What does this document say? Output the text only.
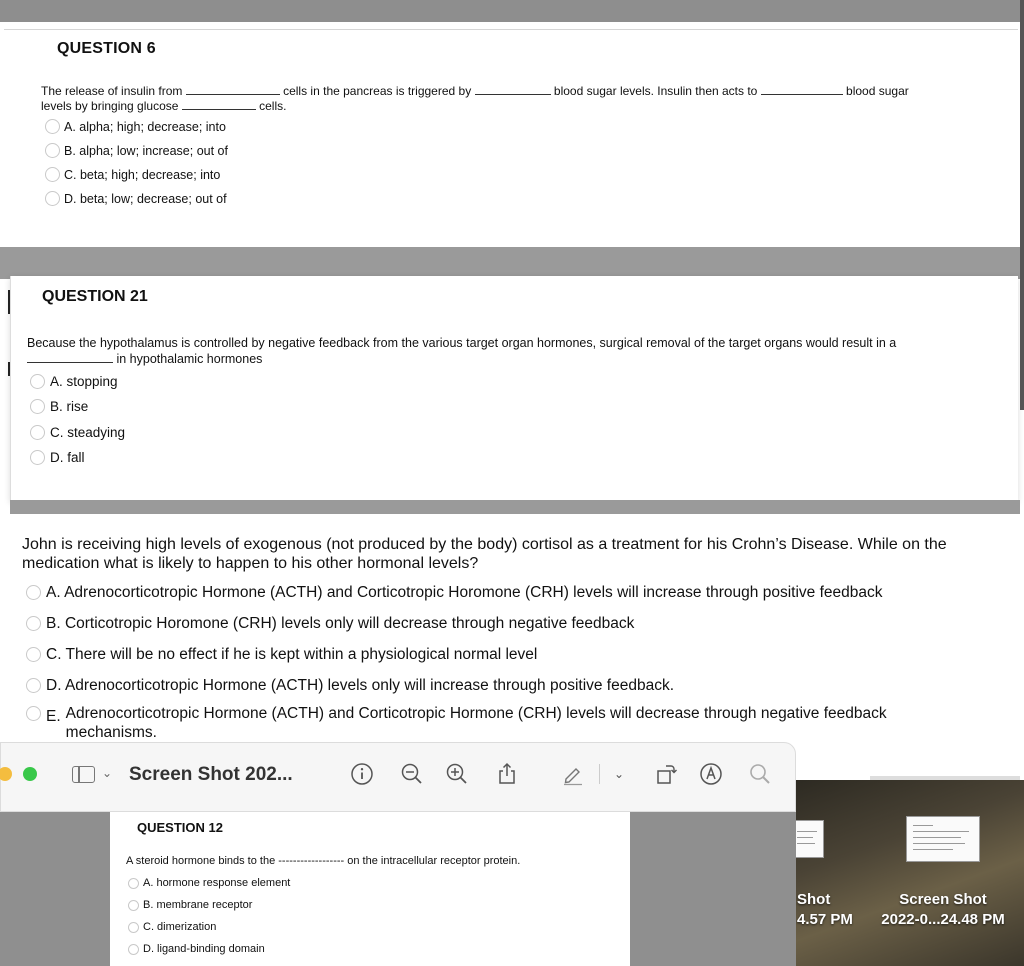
QUESTION 6
The release of insulin from	cells in the pancreas is triggered by	blood sugar levels. Insulin then acts to	blood sugar
levels by bringing glucose	cells.
A. alpha; high; decrease; into
B. alpha; low; increase; out of
C. beta; high; decrease; into
D. beta; low; decrease; out of
QUESTION 21
Because the hypothalamus is controlled by negative feedback from the various target organ hormones, surgical removal of the target organs would result in a
in hypothalamic hormones
A. stopping
B. rise
C. steadying
D. fall
John is receiving high levels of exogenous (not produced by the body) cortisol as a treatment for his Crohn’s Disease. While on the medication what is likely to happen to his other hormonal levels?
A. Adrenocorticotropic Hormone (ACTH) and Corticotropic Horomone (CRH) levels will increase through positive feedback
B. Corticotropic Horomone (CRH) levels only will decrease through negative feedback
C. There will be no effect if he is kept within a physiological normal level
D. Adrenocorticotropic Hormone (ACTH) levels only will increase through positive feedback.
E. Adrenocorticotropic Hormone (ACTH) and Corticotropic Hormone (CRH) levels will decrease through negative feedback mechanisms.
Shot
4.57 PM
Screen Shot
2022-0...24.48 PM
⌄ Screen Shot 202...	⌄
QUESTION 12
A steroid hormone binds to the ------------------ on the intracellular receptor protein.
A. hormone response element
B. membrane receptor
C. dimerization
D. ligand-binding domain
